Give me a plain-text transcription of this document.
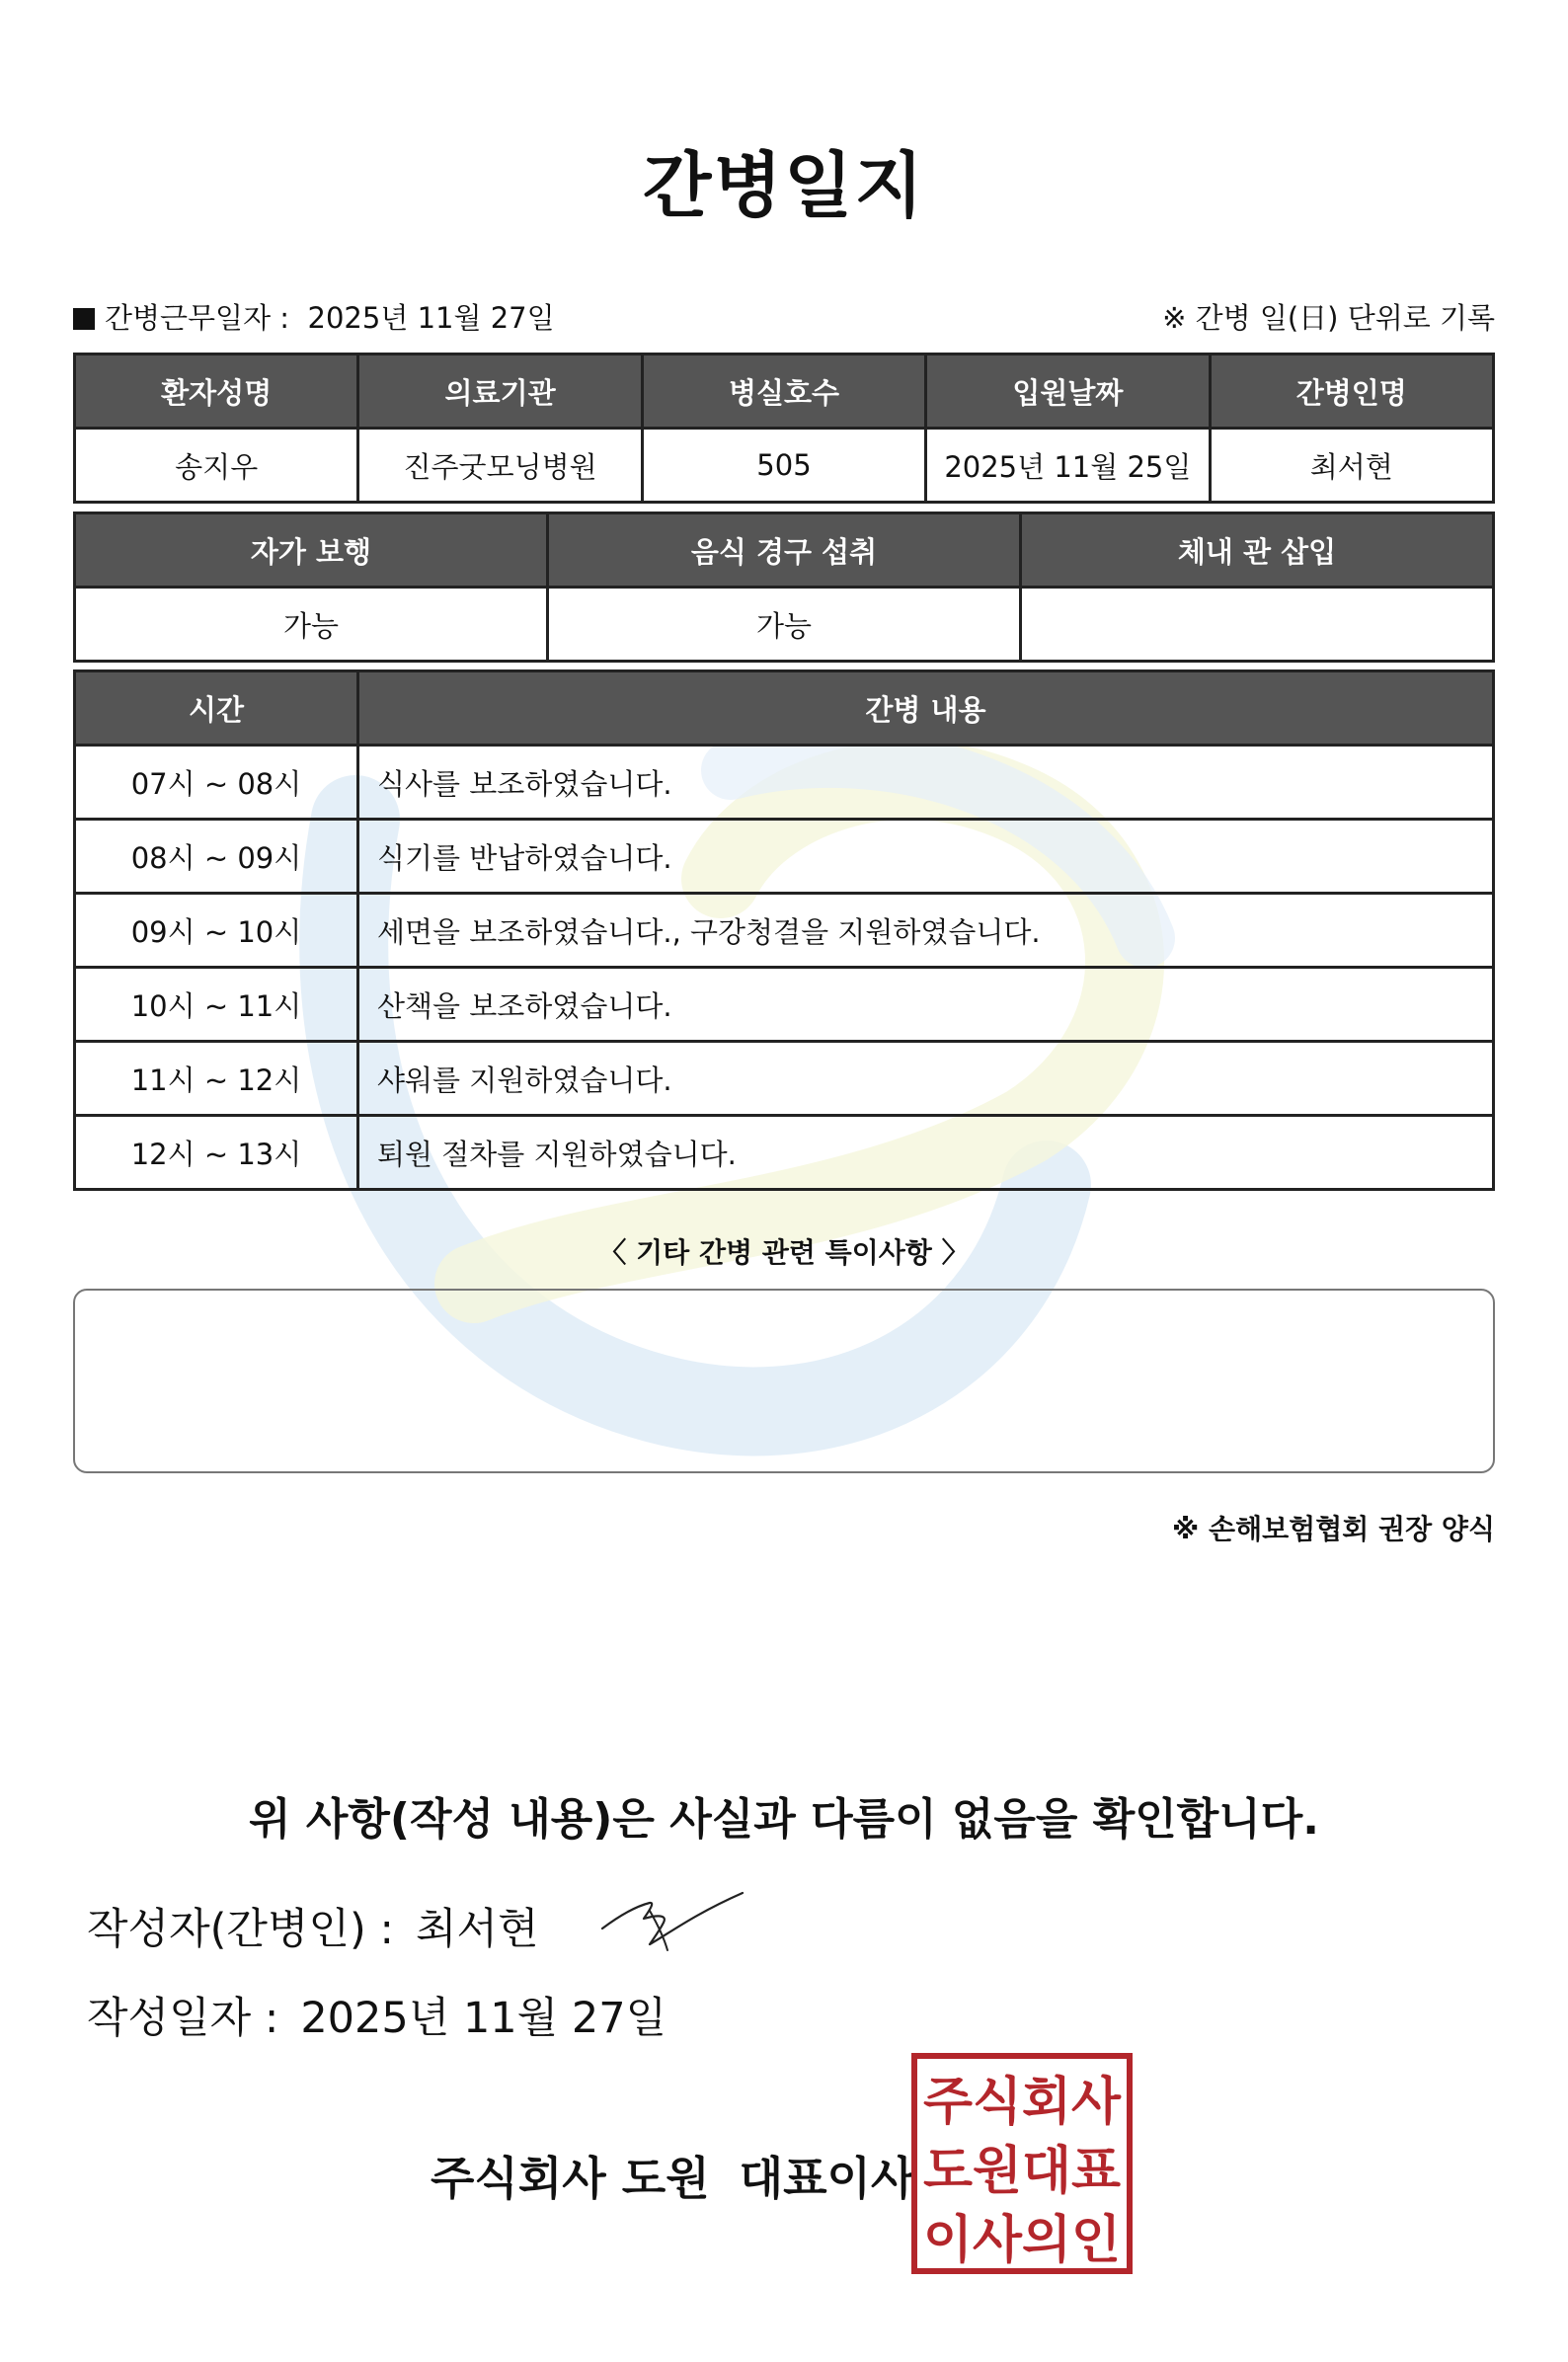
간병일지
간병근무일자 :  2025년 11월 27일	※ 간병 일(日) 단위로 기록
환자성명	의료기관	병실호수	입원날짜	간병인명
송지우	진주굿모닝병원	505	2025년 11월 25일	최서현
자가 보행	음식 경구 섭취	체내 관 삽입
가능	가능	
시간	간병 내용
07시 ~ 08시	식사를 보조하였습니다.
08시 ~ 09시	식기를 반납하였습니다.
09시 ~ 10시	세면을 보조하였습니다., 구강청결을 지원하였습니다.
10시 ~ 11시	산책을 보조하였습니다.
11시 ~ 12시	샤워를 지원하였습니다.
12시 ~ 13시	퇴원 절차를 지원하였습니다.
〈 기타 간병 관련 특이사항 〉
※ 손해보험협회 권장 양식
위 사항(작성 내용)은 사실과 다름이 없음을 확인합니다.
작성자(간병인) : 최서현
작성일자 : 2025년 11월 27일
주식회사 도원 대표이사
주식회사
도원대표
이사의인
